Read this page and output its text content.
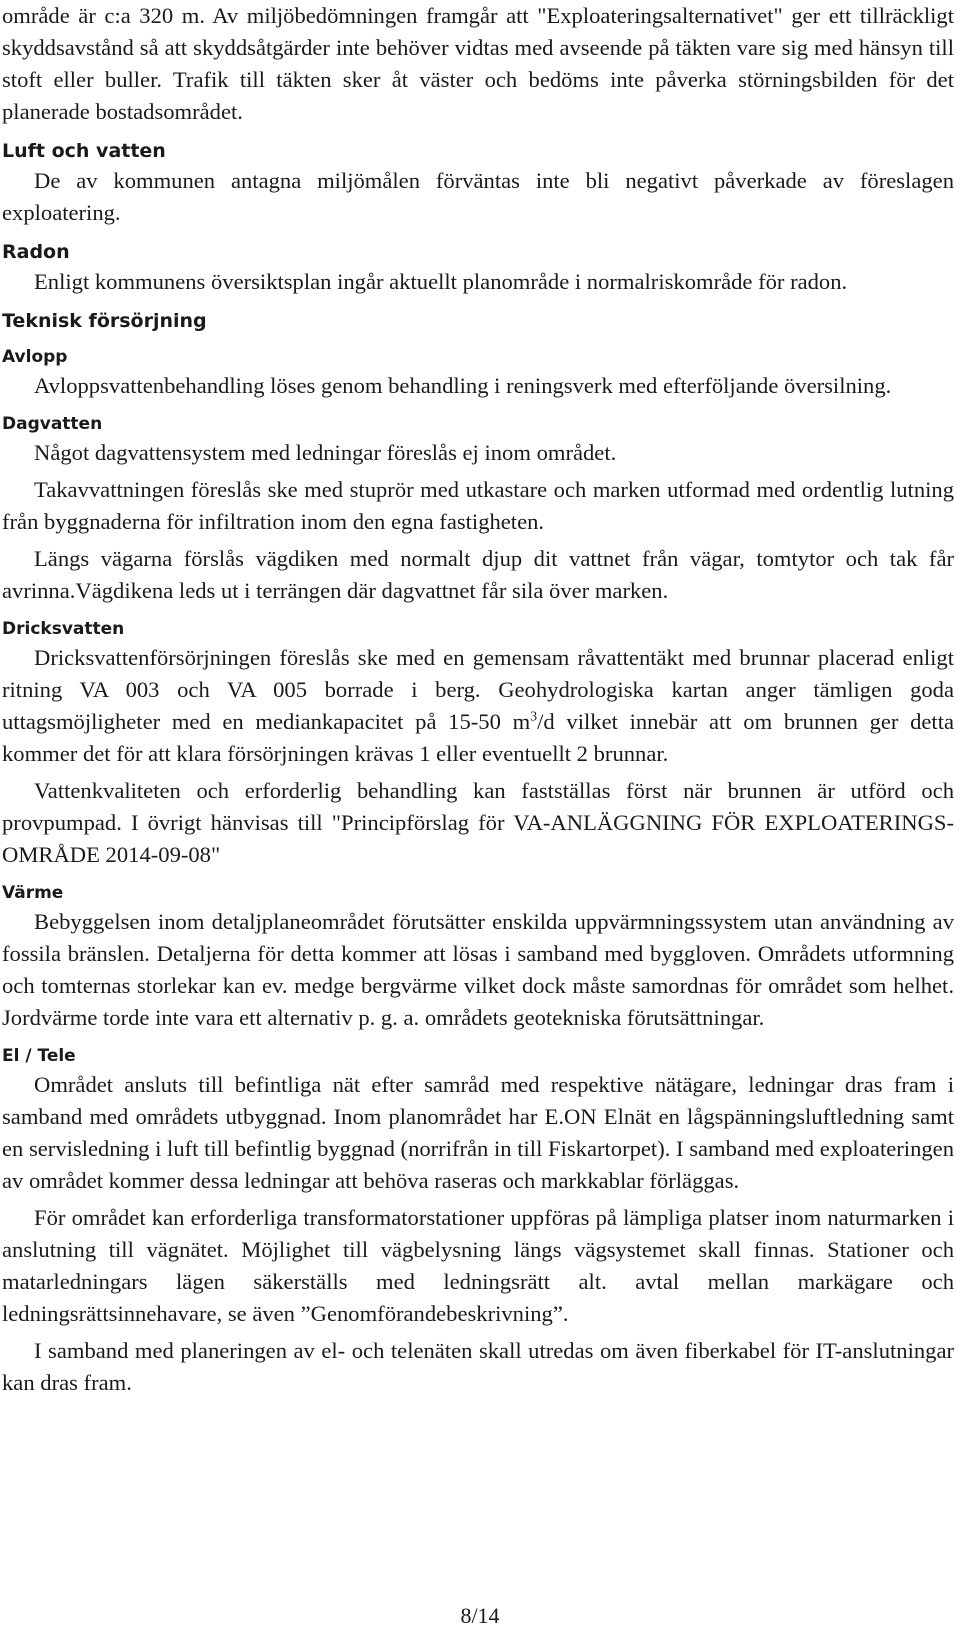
område är c:a 320 m. Av miljöbedömningen framgår att "Exploateringsalternativet" ger ett tillräckligt skyddsavstånd så att skyddsåtgärder inte behöver vidtas med avseende på täkten vare sig med hänsyn till stoft eller buller. Trafik till täkten sker åt väster och bedöms inte påverka störningsbilden för det planerade bostadsområdet.

Luft och vatten

De av kommunen antagna miljömålen förväntas inte bli negativt påverkade av föreslagen exploatering.

Radon

Enligt kommunens översiktsplan ingår aktuellt planområde i normalriskområde för radon.

Teknisk försörjning
Avlopp

Avloppsvattenbehandling löses genom behandling i reningsverk med efterföljande översilning.

Dagvatten

Något dagvattensystem med ledningar föreslås ej inom området.

Takavvattningen föreslås ske med stuprör med utkastare och marken utformad med ordentlig lutning från byggnaderna för infiltration inom den egna fastigheten.

Längs vägarna förslås vägdiken med normalt djup dit vattnet från vägar, tomtytor och tak får avrinna.Vägdikena leds ut i terrängen där dagvattnet får sila över marken.

Dricksvatten

Dricksvattenförsörjningen föreslås ske med en gemensam råvattentäkt med brunnar placerad enligt ritning VA 003 och VA 005 borrade i berg. Geohydrologiska kartan anger tämligen goda uttagsmöjligheter med en mediankapacitet på 15-50 $m^3/d$ vilket innebär att om brunnen ger detta kommer det för att klara försörjningen krävas 1 eller eventuellt 2 brunnar.

Vattenkvaliteten och erforderlig behandling kan fastställas först när brunnen är utförd och provpumpad. I övrigt hänvisas till "Principförslag för VA-ANLÄGGNING FÖR EXPLOATERINGS- OMRÅDE 2014-09-08"

Värme

Bebyggelsen inom detaljplaneområdet förutsätter enskilda uppvärmningssystem utan användning av fossila bränslen. Detaljerna för detta kommer att lösas i samband med byggloven. Områdets utformning och tomternas storlekar kan ev. medge bergvärme vilket dock måste samordnas för området som helhet. Jordvärme torde inte vara ett alternativ p. g. a. områdets geotekniska förutsättningar.

El / Tele

Området ansluts till befintliga nät efter samråd med respektive nätägare, ledningar dras fram i samband med områdets utbyggnad. Inom planområdet har E.ON Elnät en lågspänningsluftledning samt en servisledning i luft till befintlig byggnad (norrifrån in till Fiskartorpet). I samband med exploateringen av området kommer dessa ledningar att behöva raseras och markkablar förläggas.

För området kan erforderliga transformatorstationer uppföras på lämpliga platser inom naturmarken i anslutning till vägnätet. Möjlighet till vägbelysning längs vägsystemet skall finnas. Stationer och matarledningars lägen säkerställs med ledningsrätt alt. avtal mellan markägare och ledningsrättsinnehavare, se även ”Genomförandebeskrivning”.

I samband med planeringen av el- och telenäten skall utredas om även fiberkabel för IT-anslutningar kan dras fram.

8/14
